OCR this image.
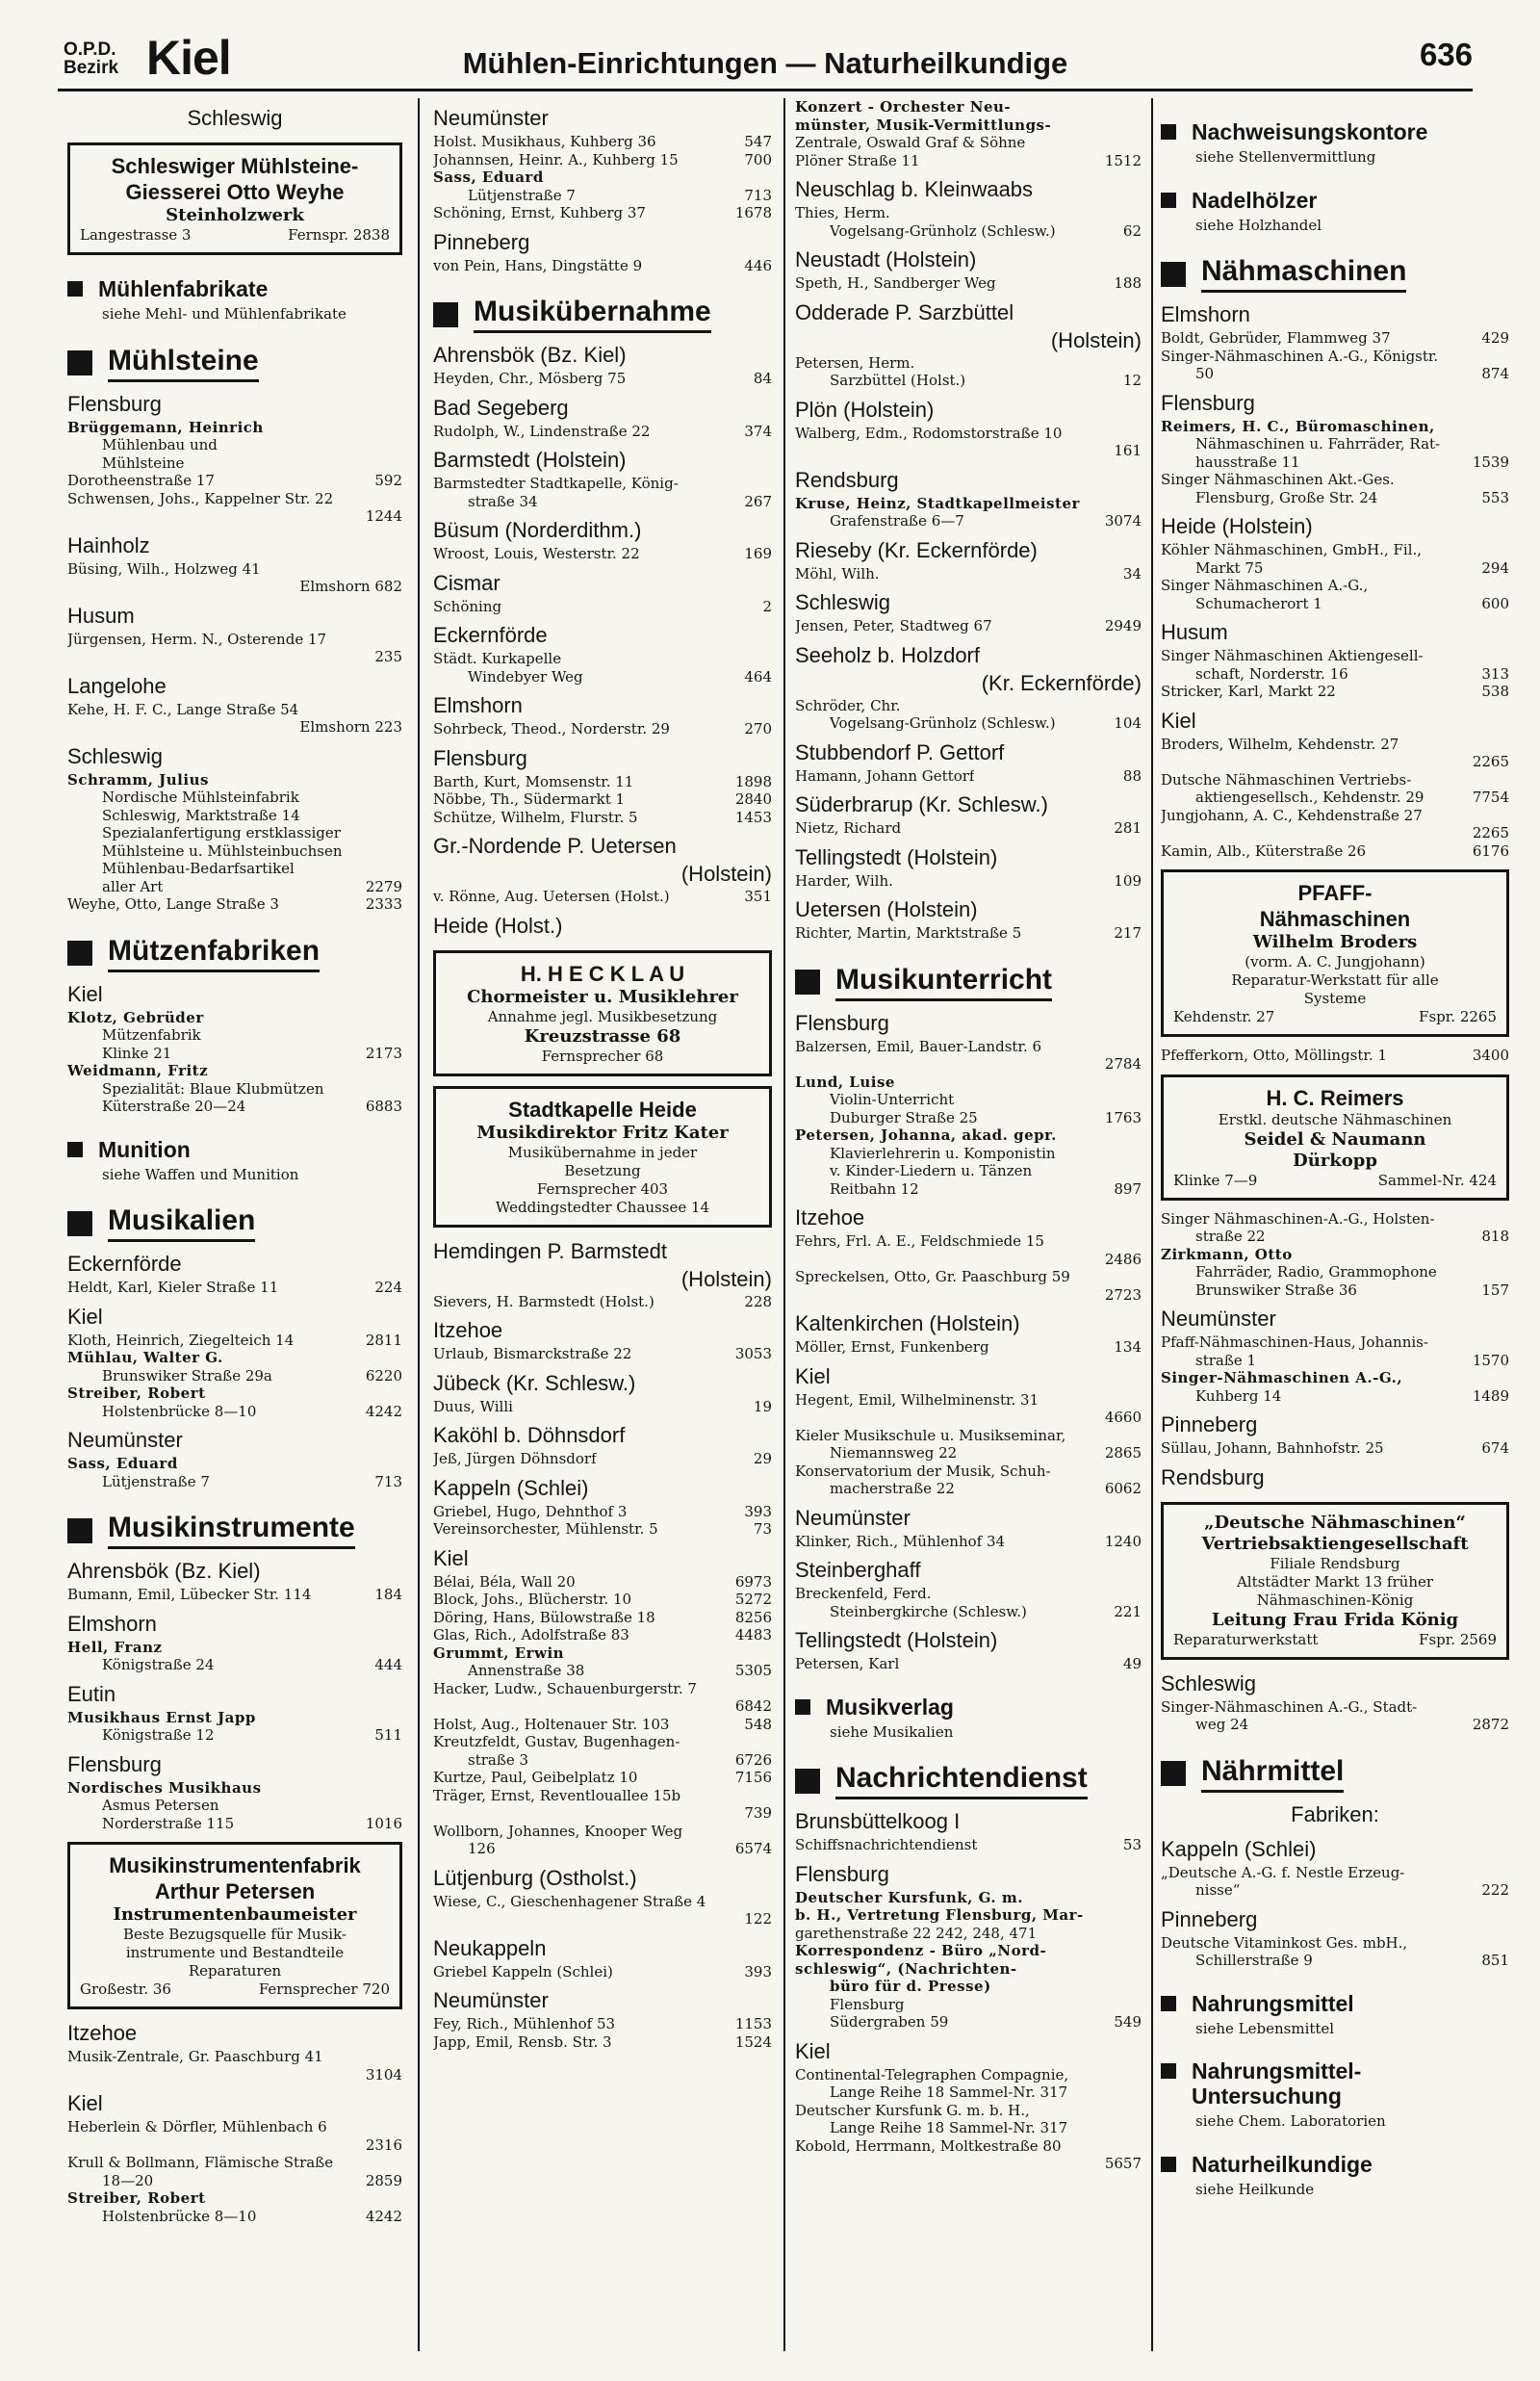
O.P.D.
Bezirk Kiel	Mühlen-Einrichtungen — Naturheilkundige	636
Schleswig
Schleswiger Mühlsteine-
Giesserei Otto Weyhe
Steinholzwerk
Langestrasse 3	Fernspr. 2838
Mühlenfabrikate
siehe Mehl- und Mühlenfabrikate
Mühlsteine
Flensburg
Brüggemann, Heinrich
Mühlenbau und
Mühlsteine
Dorotheenstraße 17	592
Schwensen, Johs., Kappelner Str. 22
1244
Hainholz
Büsing, Wilh., Holzweg 41
Elmshorn 682
Husum
Jürgensen, Herm. N., Osterende 17
235
Langelohe
Kehe, H. F. C., Lange Straße 54
Elmshorn 223
Schleswig
Schramm, Julius
Nordische Mühlsteinfabrik
Schleswig, Marktstraße 14
Spezialanfertigung erstklassiger
Mühlsteine u. Mühlsteinbuchsen
Mühlenbau-Bedarfsartikel
aller Art	2279
Weyhe, Otto, Lange Straße 3	2333
Mützenfabriken
Kiel
Klotz, Gebrüder
Mützenfabrik
Klinke 21	2173
Weidmann, Fritz
Spezialität: Blaue Klubmützen
Küterstraße 20—24	6883
Munition
siehe Waffen und Munition
Musikalien
Eckernförde
Heldt, Karl, Kieler Straße 11	224
Kiel
Kloth, Heinrich, Ziegelteich 14	2811
Mühlau, Walter G.
Brunswiker Straße 29a	6220
Streiber, Robert
Holstenbrücke 8—10	4242
Neumünster
Sass, Eduard
Lütjenstraße 7	713
Musikinstrumente
Ahrensbök (Bz. Kiel)
Bumann, Emil, Lübecker Str. 114	184
Elmshorn
Hell, Franz
Königstraße 24	444
Eutin
Musikhaus Ernst Japp
Königstraße 12	511
Flensburg
Nordisches Musikhaus
Asmus Petersen
Norderstraße 115	1016
Musikinstrumentenfabrik
Arthur Petersen
Instrumentenbaumeister
Beste Bezugsquelle für Musik-
instrumente und Bestandteile
Reparaturen
Großestr. 36	Fernsprecher 720
Itzehoe
Musik-Zentrale, Gr. Paaschburg 41
3104
Kiel
Heberlein & Dörfler, Mühlenbach 6
2316
Krull & Bollmann, Flämische Straße
18—20	2859
Streiber, Robert
Holstenbrücke 8—10	4242
Neumünster
Holst. Musikhaus, Kuhberg 36	547
Johannsen, Heinr. A., Kuhberg 15	700
Sass, Eduard
Lütjenstraße 7	713
Schöning, Ernst, Kuhberg 37	1678
Pinneberg
von Pein, Hans, Dingstätte 9	446
Musikübernahme
Ahrensbök (Bz. Kiel)
Heyden, Chr., Mösberg 75	84
Bad Segeberg
Rudolph, W., Lindenstraße 22	374
Barmstedt (Holstein)
Barmstedter Stadtkapelle, König-
straße 34	267
Büsum (Norderdithm.)
Wroost, Louis, Westerstr. 22	169
Cismar
Schöning	2
Eckernförde
Städt. Kurkapelle
Windebyer Weg	464
Elmshorn
Sohrbeck, Theod., Norderstr. 29	270
Flensburg
Barth, Kurt, Momsenstr. 11	1898
Nöbbe, Th., Südermarkt 1	2840
Schütze, Wilhelm, Flurstr. 5	1453
Gr.-Nordende P. Uetersen
(Holstein)
v. Rönne, Aug. Uetersen (Holst.)	351
Heide (Holst.)
H. H E C K L A U
Chormeister u. Musiklehrer
Annahme jegl. Musikbesetzung
Kreuzstrasse 68
Fernsprecher 68
Stadtkapelle Heide
Musikdirektor Fritz Kater
Musikübernahme in jeder
Besetzung
Fernsprecher 403
Weddingstedter Chaussee 14
Hemdingen P. Barmstedt
(Holstein)
Sievers, H. Barmstedt (Holst.)	228
Itzehoe
Urlaub, Bismarckstraße 22	3053
Jübeck (Kr. Schlesw.)
Duus, Willi	19
Kaköhl b. Döhnsdorf
Jeß, Jürgen Döhnsdorf	29
Kappeln (Schlei)
Griebel, Hugo, Dehnthof 3	393
Vereinsorchester, Mühlenstr. 5	73
Kiel
Bélai, Béla, Wall 20	6973
Block, Johs., Blücherstr. 10	5272
Döring, Hans, Bülowstraße 18	8256
Glas, Rich., Adolfstraße 83	4483
Grummt, Erwin
Annenstraße 38	5305
Hacker, Ludw., Schauenburgerstr. 7
6842
Holst, Aug., Holtenauer Str. 103	548
Kreutzfeldt, Gustav, Bugenhagen-
straße 3	6726
Kurtze, Paul, Geibelplatz 10	7156
Träger, Ernst, Reventlouallee 15b
739
Wollborn, Johannes, Knooper Weg
126	6574
Lütjenburg (Ostholst.)
Wiese, C., Gieschenhagener Straße 4
122
Neukappeln
Griebel Kappeln (Schlei)	393
Neumünster
Fey, Rich., Mühlenhof 53	1153
Japp, Emil, Rensb. Str. 3	1524
Konzert - Orchester Neu-
münster, Musik-Vermittlungs-
Zentrale, Oswald Graf & Söhne
Plöner Straße 11	1512
Neuschlag b. Kleinwaabs
Thies, Herm.
Vogelsang-Grünholz (Schlesw.)	62
Neustadt (Holstein)
Speth, H., Sandberger Weg	188
Odderade P. Sarzbüttel
(Holstein)
Petersen, Herm.
Sarzbüttel (Holst.)	12
Plön (Holstein)
Walberg, Edm., Rodomstorstraße 10
161
Rendsburg
Kruse, Heinz, Stadtkapellmeister
Grafenstraße 6—7	3074
Rieseby (Kr. Eckernförde)
Möhl, Wilh.	34
Schleswig
Jensen, Peter, Stadtweg 67	2949
Seeholz b. Holzdorf
(Kr. Eckernförde)
Schröder, Chr.
Vogelsang-Grünholz (Schlesw.)	104
Stubbendorf P. Gettorf
Hamann, Johann Gettorf	88
Süderbrarup (Kr. Schlesw.)
Nietz, Richard	281
Tellingstedt (Holstein)
Harder, Wilh.	109
Uetersen (Holstein)
Richter, Martin, Marktstraße 5	217
Musikunterricht
Flensburg
Balzersen, Emil, Bauer-Landstr. 6
2784
Lund, Luise
Violin-Unterricht
Duburger Straße 25	1763
Petersen, Johanna, akad. gepr.
Klavierlehrerin u. Komponistin
v. Kinder-Liedern u. Tänzen
Reitbahn 12	897
Itzehoe
Fehrs, Frl. A. E., Feldschmiede 15
2486
Spreckelsen, Otto, Gr. Paaschburg 59
2723
Kaltenkirchen (Holstein)
Möller, Ernst, Funkenberg	134
Kiel
Hegent, Emil, Wilhelminenstr. 31
4660
Kieler Musikschule u. Musikseminar,
Niemannsweg 22	2865
Konservatorium der Musik, Schuh-
macherstraße 22	6062
Neumünster
Klinker, Rich., Mühlenhof 34	1240
Steinberghaff
Breckenfeld, Ferd.
Steinbergkirche (Schlesw.)	221
Tellingstedt (Holstein)
Petersen, Karl	49
Musikverlag
siehe Musikalien
Nachrichtendienst
Brunsbüttelkoog I
Schiffsnachrichtendienst	53
Flensburg
Deutscher Kursfunk, G. m.
b. H., Vertretung Flensburg, Mar-
garethenstraße 22 242, 248, 471
Korrespondenz - Büro „Nord-
schleswig“, (Nachrichten-
büro für d. Presse)
Flensburg
Südergraben 59	549
Kiel
Continental-Telegraphen Compagnie,
Lange Reihe 18 Sammel-Nr. 317
Deutscher Kursfunk G. m. b. H.,
Lange Reihe 18 Sammel-Nr. 317
Kobold, Herrmann, Moltkestraße 80
5657
Nachweisungskontore
siehe Stellenvermittlung
Nadelhölzer
siehe Holzhandel
Nähmaschinen
Elmshorn
Boldt, Gebrüder, Flammweg 37	429
Singer-Nähmaschinen A.-G., Königstr.
50	874
Flensburg
Reimers, H. C., Büromaschinen,
Nähmaschinen u. Fahrräder, Rat-
hausstraße 11	1539
Singer Nähmaschinen Akt.-Ges.
Flensburg, Große Str. 24	553
Heide (Holstein)
Köhler Nähmaschinen, GmbH., Fil.,
Markt 75	294
Singer Nähmaschinen A.-G.,
Schumacherort 1	600
Husum
Singer Nähmaschinen Aktiengesell-
schaft, Norderstr. 16	313
Stricker, Karl, Markt 22	538
Kiel
Broders, Wilhelm, Kehdenstr. 27
2265
Dutsche Nähmaschinen Vertriebs-
aktiengesellsch., Kehdenstr. 29	7754
Jungjohann, A. C., Kehdenstraße 27
2265
Kamin, Alb., Küterstraße 26	6176
PFAFF-
Nähmaschinen
Wilhelm Broders
(vorm. A. C. Jungjohann)
Reparatur-Werkstatt für alle
Systeme
Kehdenstr. 27	Fspr. 2265
Pfefferkorn, Otto, Möllingstr. 1	3400
H. C. Reimers
Erstkl. deutsche Nähmaschinen
Seidel & Naumann
Dürkopp
Klinke 7—9	Sammel-Nr. 424
Singer Nähmaschinen-A.-G., Holsten-
straße 22	818
Zirkmann, Otto
Fahrräder, Radio, Grammophone
Brunswiker Straße 36	157
Neumünster
Pfaff-Nähmaschinen-Haus, Johannis-
straße 1	1570
Singer-Nähmaschinen A.-G.,
Kuhberg 14	1489
Pinneberg
Süllau, Johann, Bahnhofstr. 25	674
Rendsburg
„Deutsche Nähmaschinen“
Vertriebsaktiengesellschaft
Filiale Rendsburg
Altstädter Markt 13 früher
Nähmaschinen-König
Leitung Frau Frida König
Reparaturwerkstatt	Fspr. 2569
Schleswig
Singer-Nähmaschinen A.-G., Stadt-
weg 24	2872
Nährmittel
Fabriken:
Kappeln (Schlei)
„Deutsche A.-G. f. Nestle Erzeug-
nisse“	222
Pinneberg
Deutsche Vitaminkost Ges. mbH.,
Schillerstraße 9	851
Nahrungsmittel
siehe Lebensmittel
Nahrungsmittel-
Untersuchung
siehe Chem. Laboratorien
Naturheilkundige
siehe Heilkunde
